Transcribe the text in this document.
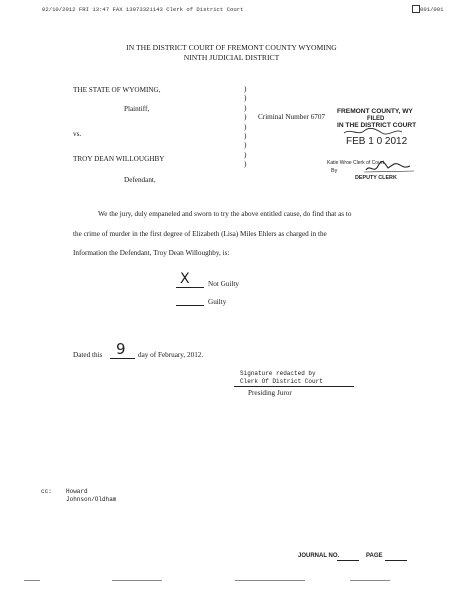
02/10/2012 FRI 13:47 FAX 13073321143 Clerk of District Court	001/001
IN THE DISTRICT COURT OF FREMONT COUNTY WYOMING
NINTH JUDICIAL DISTRICT
THE STATE OF WYOMING,
Plaintiff,
vs.
TROY DEAN WILLOUGHBY
Defendant,
)
)
)
)
)
)
)
)
)
Criminal Number 6707
FREMONT COUNTY, WY
FILED
IN THE DISTRICT COURT
FEB 1 0 2012
Katie Wroe Clerk of Court
By
DEPUTY CLERK
We the jury, duly empaneled and sworn to try the above entitled cause, do find that as to
the crime of murder in the first degree of Elizabeth (Lisa) Miles Ehlers as charged in the
Information the Defendant, Troy Dean Willoughby, is:
X	Not Guilty
Guilty
Dated this 9 day of February, 2012.
Signature redacted by
Clerk Of District Court
Presiding Juror
cc: Howard
Johnson/Oldham
JOURNAL NO.	PAGE
